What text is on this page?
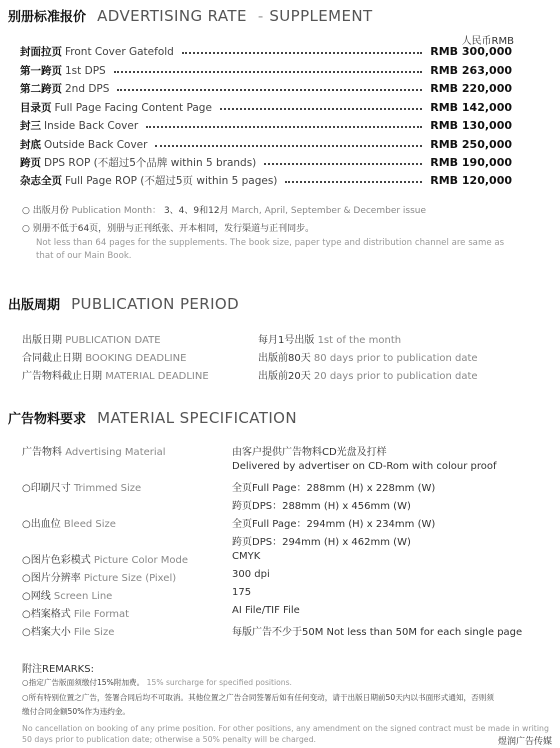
别册标准报价 ADVERTISING RATE - SUPPLEMENT
人民币RMB
封面拉页 Front Cover Gatefold	RMB 300,000
第一跨页 1st DPS	RMB 263,000
第二跨页 2nd DPS	RMB 220,000
目录页 Full Page Facing Content Page	RMB 142,000
封三 Inside Back Cover	RMB 130,000
封底 Outside Back Cover	RMB 250,000
跨页 DPS ROP (不超过5个品牌 within 5 brands)	RMB 190,000
杂志全页 Full Page ROP (不超过5页 within 5 pages)	RMB 120,000
○ 出版月份 Publication Month： 3、4、9和12月 March, April, September & December issue
○ 别册不低于64页，别册与正刊纸张、开本相同，发行渠道与正刊同步。
Not less than 64 pages for the supplements. The book size, paper type and distribution channel are same as that of our Main Book.
出版周期 PUBLICATION PERIOD
出版日期 PUBLICATION DATE	每月1号出版 1st of the month
合同截止日期 BOOKING DEADLINE	出版前80天 80 days prior to publication date
广告物料截止日期 MATERIAL DEADLINE	出版前20天 20 days prior to publication date
广告物料要求 MATERIAL SPECIFICATION
广告物料 Advertising Material	由客户提供广告物料CD光盘及打样
Delivered by advertiser on CD-Rom with colour proof
○印刷尺寸 Trimmed Size	全页Full Page：288mm (H) x 228mm (W)
跨页DPS：288mm (H) x 456mm (W)
○出血位 Bleed Size	全页Full Page：294mm (H) x 234mm (W)
跨页DPS：294mm (H) x 462mm (W)
○图片色彩模式 Picture Color Mode	CMYK
○图片分辨率 Picture Size (Pixel)	300 dpi
○网线 Screen Line	175
○档案格式 File Format	AI File/TIF File
○档案大小 File Size	每版广告不少于50M Not less than 50M for each single page
附注REMARKS:
○指定广告版面须缴付15%附加费。 15% surcharge for specified positions.
○所有特别位置之广告，签署合同后均不可取消。其他位置之广告合同签署后如有任何变动，请于出版日期前50天内以书面形式通知，否则须
缴付合同金额50%作为违约金。
No cancellation on booking of any prime position. For other positions, any amendment on the signed contract must be made in writing 50 days prior to publication date; otherwise a 50% penalty will be charged.	煜润广告传媒
